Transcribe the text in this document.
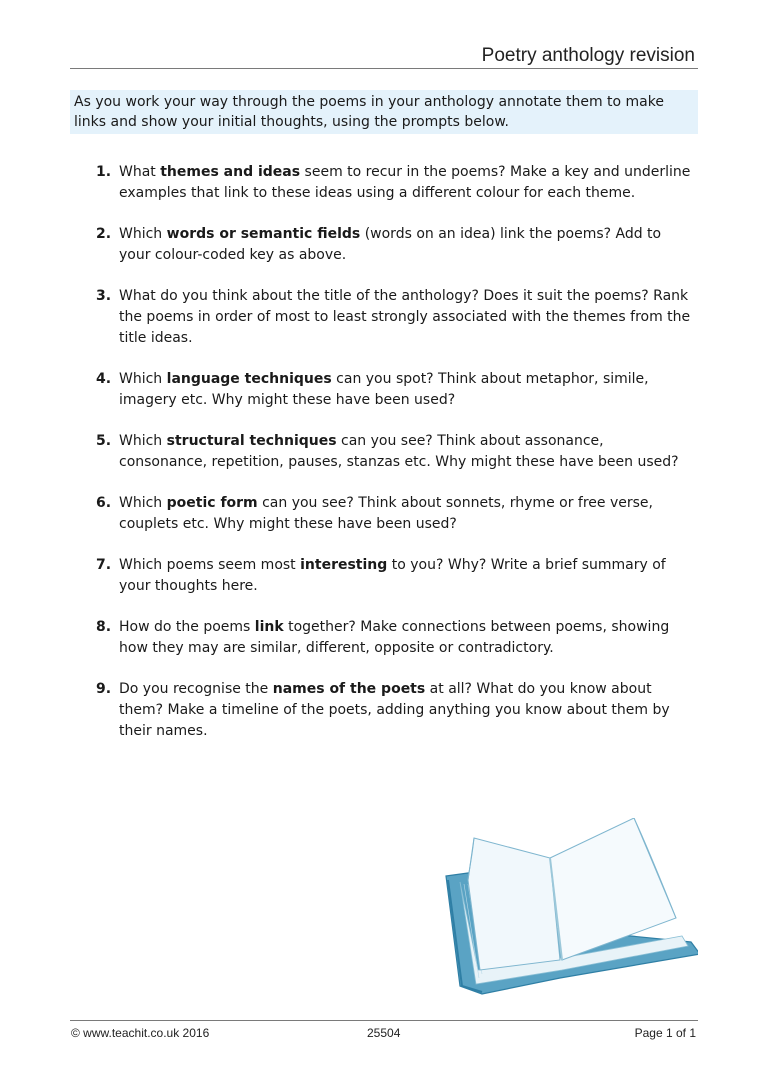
Poetry anthology revision
As you work your way through the poems in your anthology annotate them to make links and show your initial thoughts, using the prompts below.
1. What themes and ideas seem to recur in the poems? Make a key and underline examples that link to these ideas using a different colour for each theme.
2. Which words or semantic fields (words on an idea) link the poems? Add to your colour-coded key as above.
3. What do you think about the title of the anthology? Does it suit the poems? Rank the poems in order of most to least strongly associated with the themes from the title ideas.
4. Which language techniques can you spot? Think about metaphor, simile, imagery etc. Why might these have been used?
5. Which structural techniques can you see? Think about assonance, consonance, repetition, pauses, stanzas etc. Why might these have been used?
6. Which poetic form can you see? Think about sonnets, rhyme or free verse, couplets etc. Why might these have been used?
7. Which poems seem most interesting to you? Why? Write a brief summary of your thoughts here.
8. How do the poems link together? Make connections between poems, showing how they may are similar, different, opposite or contradictory.
9. Do you recognise the names of the poets at all? What do you know about them? Make a timeline of the poets, adding anything you know about them by their names.
© www.teachit.co.uk 2016	25504	Page 1 of 1
